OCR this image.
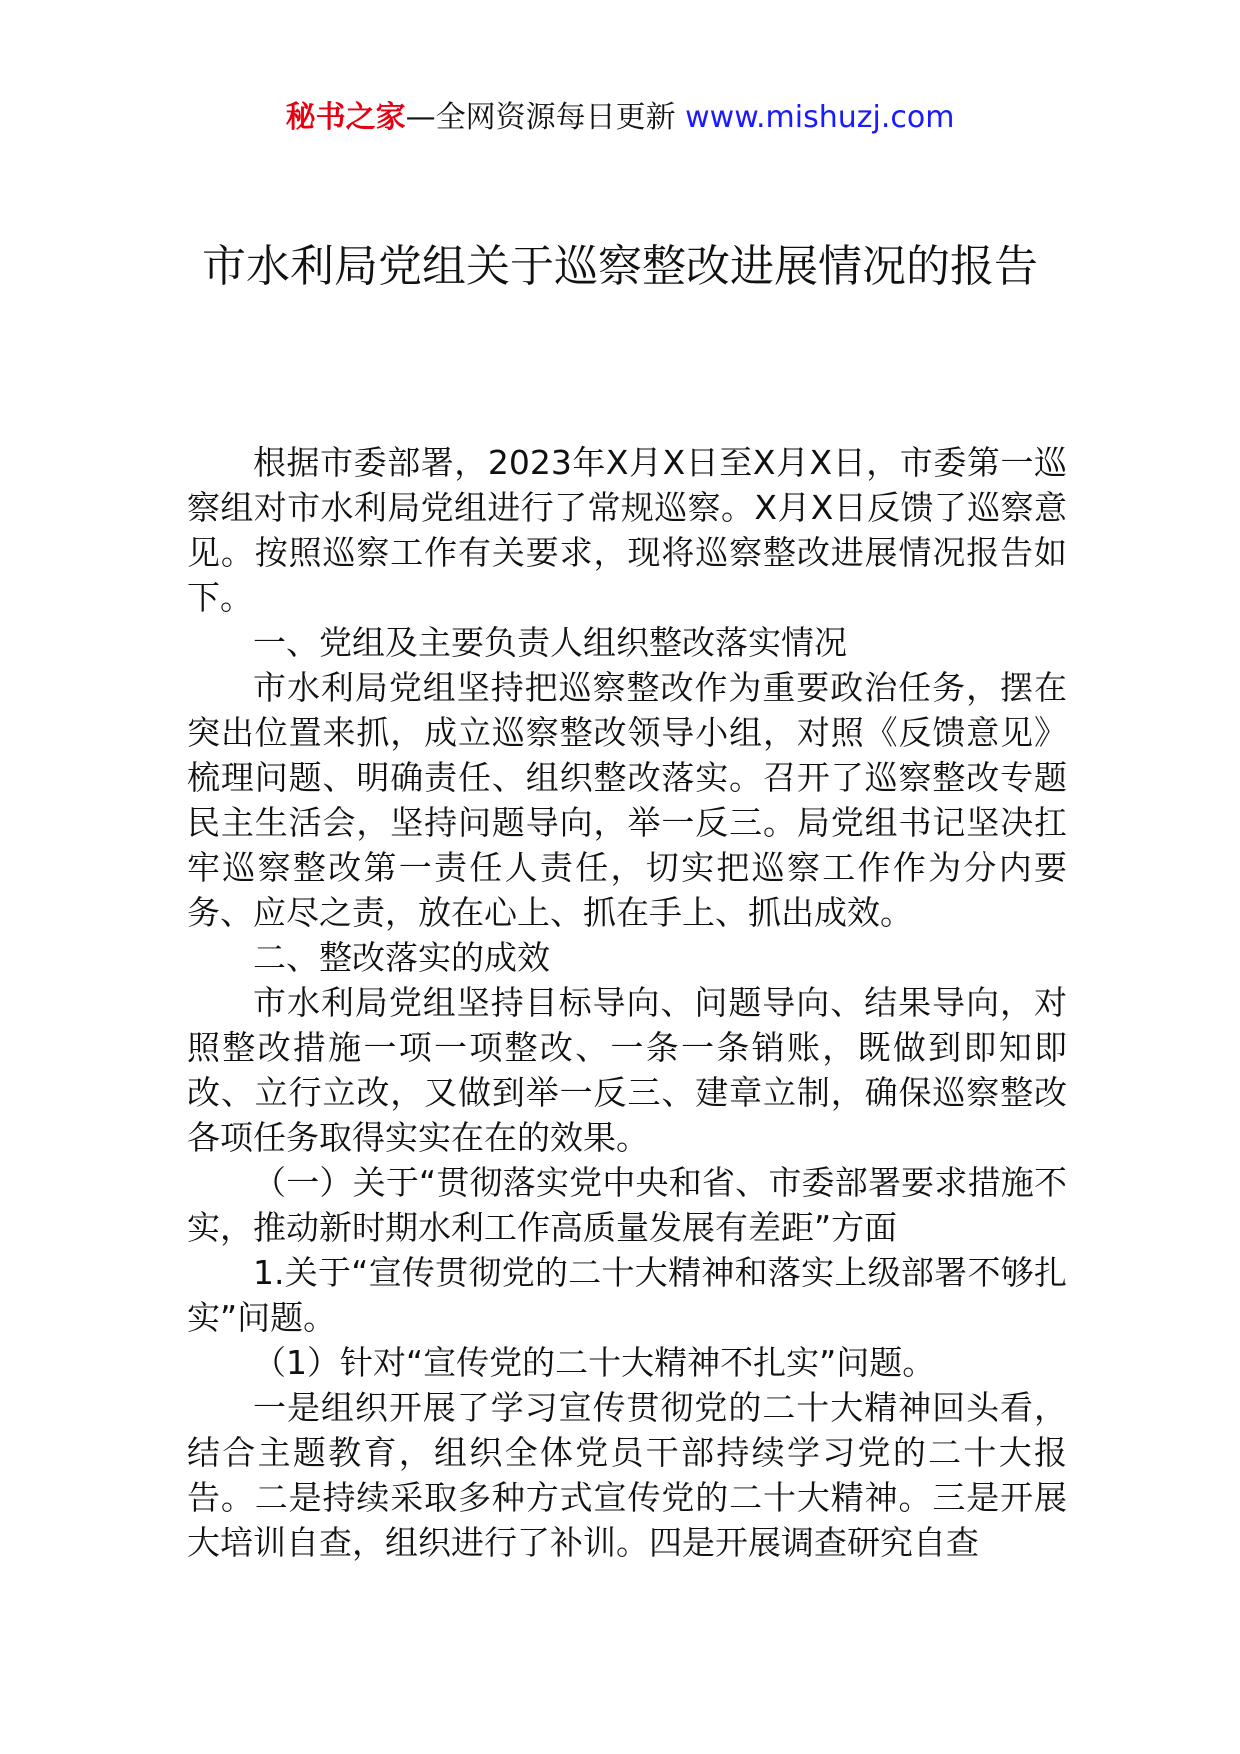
秘书之家—全网资源每日更新 www.mishuzj.com
市水利局党组关于巡察整改进展情况的报告

根据市委部署，2023年X月X日至X月X日，市委第一巡察组对市水利局党组进行了常规巡察。X月X日反馈了巡察意见。按照巡察工作有关要求，现将巡察整改进展情况报告如下。

一、党组及主要负责人组织整改落实情况

市水利局党组坚持把巡察整改作为重要政治任务，摆在突出位置来抓，成立巡察整改领导小组，对照《反馈意见》梳理问题、明确责任、组织整改落实。召开了巡察整改专题民主生活会，坚持问题导向，举一反三。局党组书记坚决扛牢巡察整改第一责任人责任，切实把巡察工作作为分内要务、应尽之责，放在心上、抓在手上、抓出成效。

二、整改落实的成效

市水利局党组坚持目标导向、问题导向、结果导向，对照整改措施一项一项整改、一条一条销账，既做到即知即改、立行立改，又做到举一反三、建章立制，确保巡察整改各项任务取得实实在在的效果。

（一）关于“贯彻落实党中央和省、市委部署要求措施不实，推动新时期水利工作高质量发展有差距”方面

1.关于“宣传贯彻党的二十大精神和落实上级部署不够扎实”问题。

（1）针对“宣传党的二十大精神不扎实”问题。

一是组织开展了学习宣传贯彻党的二十大精神回头看，结合主题教育，组织全体党员干部持续学习党的二十大报告。二是持续采取多种方式宣传党的二十大精神。三是开展大培训自查，组织进行了补训。四是开展调查研究自查
